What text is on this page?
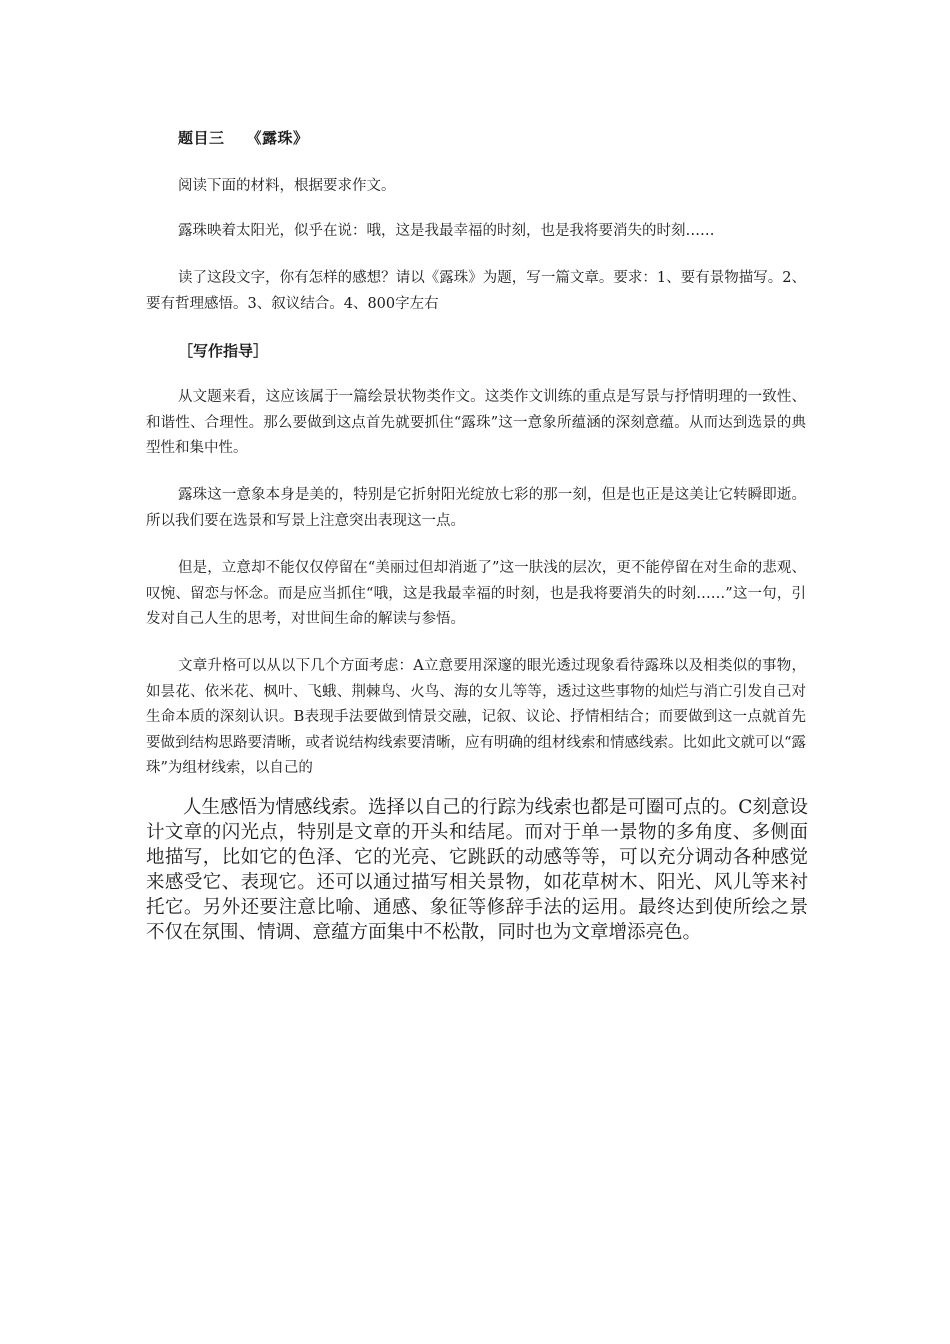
题目三 《露珠》

阅读下面的材料，根据要求作文。

露珠映着太阳光，似乎在说：哦，这是我最幸福的时刻，也是我将要消失的时刻……

读了这段文字，你有怎样的感想？请以《露珠》为题，写一篇文章。要求：1、要有景物描写。2、要有哲理感悟。3、叙议结合。4、800字左右

［写作指导］

从文题来看，这应该属于一篇绘景状物类作文。这类作文训练的重点是写景与抒情明理的一致性、和谐性、合理性。那么要做到这点首先就要抓住“露珠”这一意象所蕴涵的深刻意蕴。从而达到选景的典型性和集中性。

露珠这一意象本身是美的，特别是它折射阳光绽放七彩的那一刻，但是也正是这美让它转瞬即逝。所以我们要在选景和写景上注意突出表现这一点。

但是，立意却不能仅仅停留在“美丽过但却消逝了”这一肤浅的层次，更不能停留在对生命的悲观、叹惋、留恋与怀念。而是应当抓住“哦，这是我最幸福的时刻，也是我将要消失的时刻……”这一句，引发对自己人生的思考，对世间生命的解读与参悟。

文章升格可以从以下几个方面考虑：A立意要用深邃的眼光透过现象看待露珠以及相类似的事物，如昙花、依米花、枫叶、飞蛾、荆棘鸟、火鸟、海的女儿等等，透过这些事物的灿烂与消亡引发自己对生命本质的深刻认识。B表现手法要做到情景交融，记叙、议论、抒情相结合；而要做到这一点就首先要做到结构思路要清晰，或者说结构线索要清晰，应有明确的组材线索和情感线索。比如此文就可以“露珠”为组材线索，以自己的

人生感悟为情感线索。选择以自己的行踪为线索也都是可圈可点的。C刻意设计文章的闪光点，特别是文章的开头和结尾。而对于单一景物的多角度、多侧面地描写，比如它的色泽、它的光亮、它跳跃的动感等等，可以充分调动各种感觉来感受它、表现它。还可以通过描写相关景物，如花草树木、阳光、风儿等来衬托它。另外还要注意比喻、通感、象征等修辞手法的运用。最终达到使所绘之景不仅在氛围、情调、意蕴方面集中不松散，同时也为文章增添亮色。
